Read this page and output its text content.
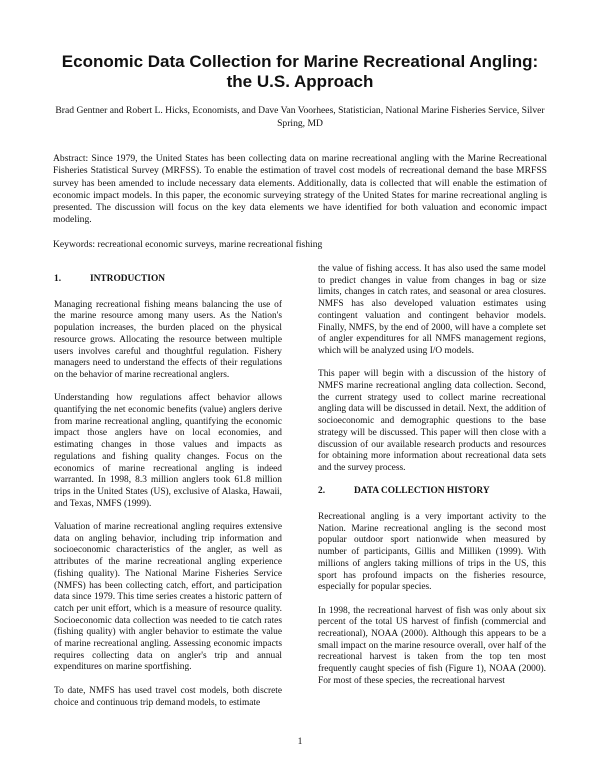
Economic Data Collection for Marine Recreational Angling:
the U.S. Approach

Brad Gentner and Robert L. Hicks, Economists, and Dave Van Voorhees, Statistician, National Marine Fisheries Service, Silver Spring, MD

Abstract: Since 1979, the United States has been collecting data on marine recreational angling with the Marine Recreational Fisheries Statistical Survey (MRFSS). To enable the estimation of travel cost models of recreational demand the base MRFSS survey has been amended to include necessary data elements. Additionally, data is collected that will enable the estimation of economic impact models. In this paper, the economic surveying strategy of the United States for marine recreational angling is presented. The discussion will focus on the key data elements we have identified for both valuation and economic impact modeling.

Keywords: recreational economic surveys, marine recreational fishing

1.	INTRODUCTION

Managing recreational fishing means balancing the use of the marine resource among many users. As the Nation's population increases, the burden placed on the physical resource grows. Allocating the resource between multiple users involves careful and thoughtful regulation. Fishery managers need to understand the effects of their regulations on the behavior of marine recreational anglers.

Understanding how regulations affect behavior allows quantifying the net economic benefits (value) anglers derive from marine recreational angling, quantifying the economic impact those anglers have on local economies, and estimating changes in those values and impacts as regulations and fishing quality changes. Focus on the economics of marine recreational angling is indeed warranted. In 1998, 8.3 million anglers took 61.8 million trips in the United States (US), exclusive of Alaska, Hawaii, and Texas, NMFS (1999).

Valuation of marine recreational angling requires extensive data on angling behavior, including trip information and socioeconomic characteristics of the angler, as well as attributes of the marine recreational angling experience (fishing quality). The National Marine Fisheries Service (NMFS) has been collecting catch, effort, and participation data since 1979. This time series creates a historic pattern of catch per unit effort, which is a measure of resource quality. Socioeconomic data collection was needed to tie catch rates (fishing quality) with angler behavior to estimate the value of marine recreational angling. Assessing economic impacts requires collecting data on angler's trip and annual expenditures on marine sportfishing.

To date, NMFS has used travel cost models, both discrete choice and continuous trip demand models, to estimate

the value of fishing access. It has also used the same model to predict changes in value from changes in bag or size limits, changes in catch rates, and seasonal or area closures. NMFS has also developed valuation estimates using contingent valuation and contingent behavior models. Finally, NMFS, by the end of 2000, will have a complete set of angler expenditures for all NMFS management regions, which will be analyzed using I/O models.

This paper will begin with a discussion of the history of NMFS marine recreational angling data collection. Second, the current strategy used to collect marine recreational angling data will be discussed in detail. Next, the addition of socioeconomic and demographic questions to the base strategy will be discussed. This paper will then close with a discussion of our available research products and resources for obtaining more information about recreational data sets and the survey process.

2.	DATA COLLECTION HISTORY

Recreational angling is a very important activity to the Nation. Marine recreational angling is the second most popular outdoor sport nationwide when measured by number of participants, Gillis and Milliken (1999). With millions of anglers taking millions of trips in the US, this sport has profound impacts on the fisheries resource, especially for popular species.

In 1998, the recreational harvest of fish was only about six percent of the total US harvest of finfish (commercial and recreational), NOAA (2000). Although this appears to be a small impact on the marine resource overall, over half of the recreational harvest is taken from the top ten most frequently caught species of fish (Figure 1), NOAA (2000). For most of these species, the recreational harvest

1
